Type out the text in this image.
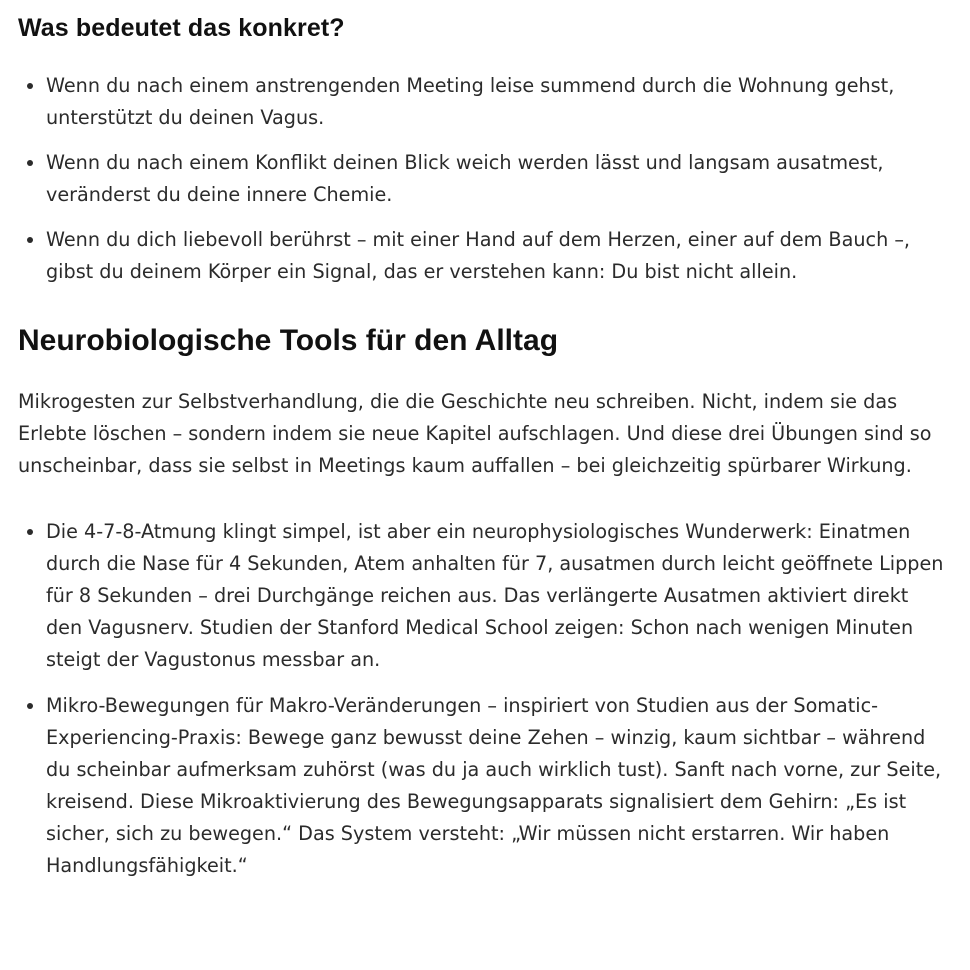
Was bedeutet das konkret?
• Wenn du nach einem anstrengenden Meeting leise summend durch die Wohnung gehst, unterstützt du deinen Vagus.
• Wenn du nach einem Konflikt deinen Blick weich werden lässt und langsam ausatmest, veränderst du deine innere Chemie.
• Wenn du dich liebevoll berührst – mit einer Hand auf dem Herzen, einer auf dem Bauch –, gibst du deinem Körper ein Signal, das er verstehen kann: Du bist nicht allein.
Neurobiologische Tools für den Alltag

Mikrogesten zur Selbstverhandlung, die die Geschichte neu schreiben. Nicht, indem sie das Erlebte löschen – sondern indem sie neue Kapitel aufschlagen. Und diese drei Übungen sind so unscheinbar, dass sie selbst in Meetings kaum auffallen – bei gleichzeitig spürbarer Wirkung.

• Die 4-7-8-Atmung klingt simpel, ist aber ein neurophysiologisches Wunderwerk: Einatmen durch die Nase für 4 Sekunden, Atem anhalten für 7, ausatmen durch leicht geöffnete Lippen für 8 Sekunden – drei Durchgänge reichen aus. Das verlängerte Ausatmen aktiviert direkt den Vagusnerv. Studien der Stanford Medical School zeigen: Schon nach wenigen Minuten steigt der Vagustonus messbar an.
• Mikro-Bewegungen für Makro-Veränderungen – inspiriert von Studien aus der Somatic-Experiencing-Praxis: Bewege ganz bewusst deine Zehen – winzig, kaum sichtbar – während du scheinbar aufmerksam zuhörst (was du ja auch wirklich tust). Sanft nach vorne, zur Seite, kreisend. Diese Mikroaktivierung des Bewegungsapparats signalisiert dem Gehirn: „Es ist sicher, sich zu bewegen.“ Das System versteht: „Wir müssen nicht erstarren. Wir haben Handlungsfähigkeit.“
